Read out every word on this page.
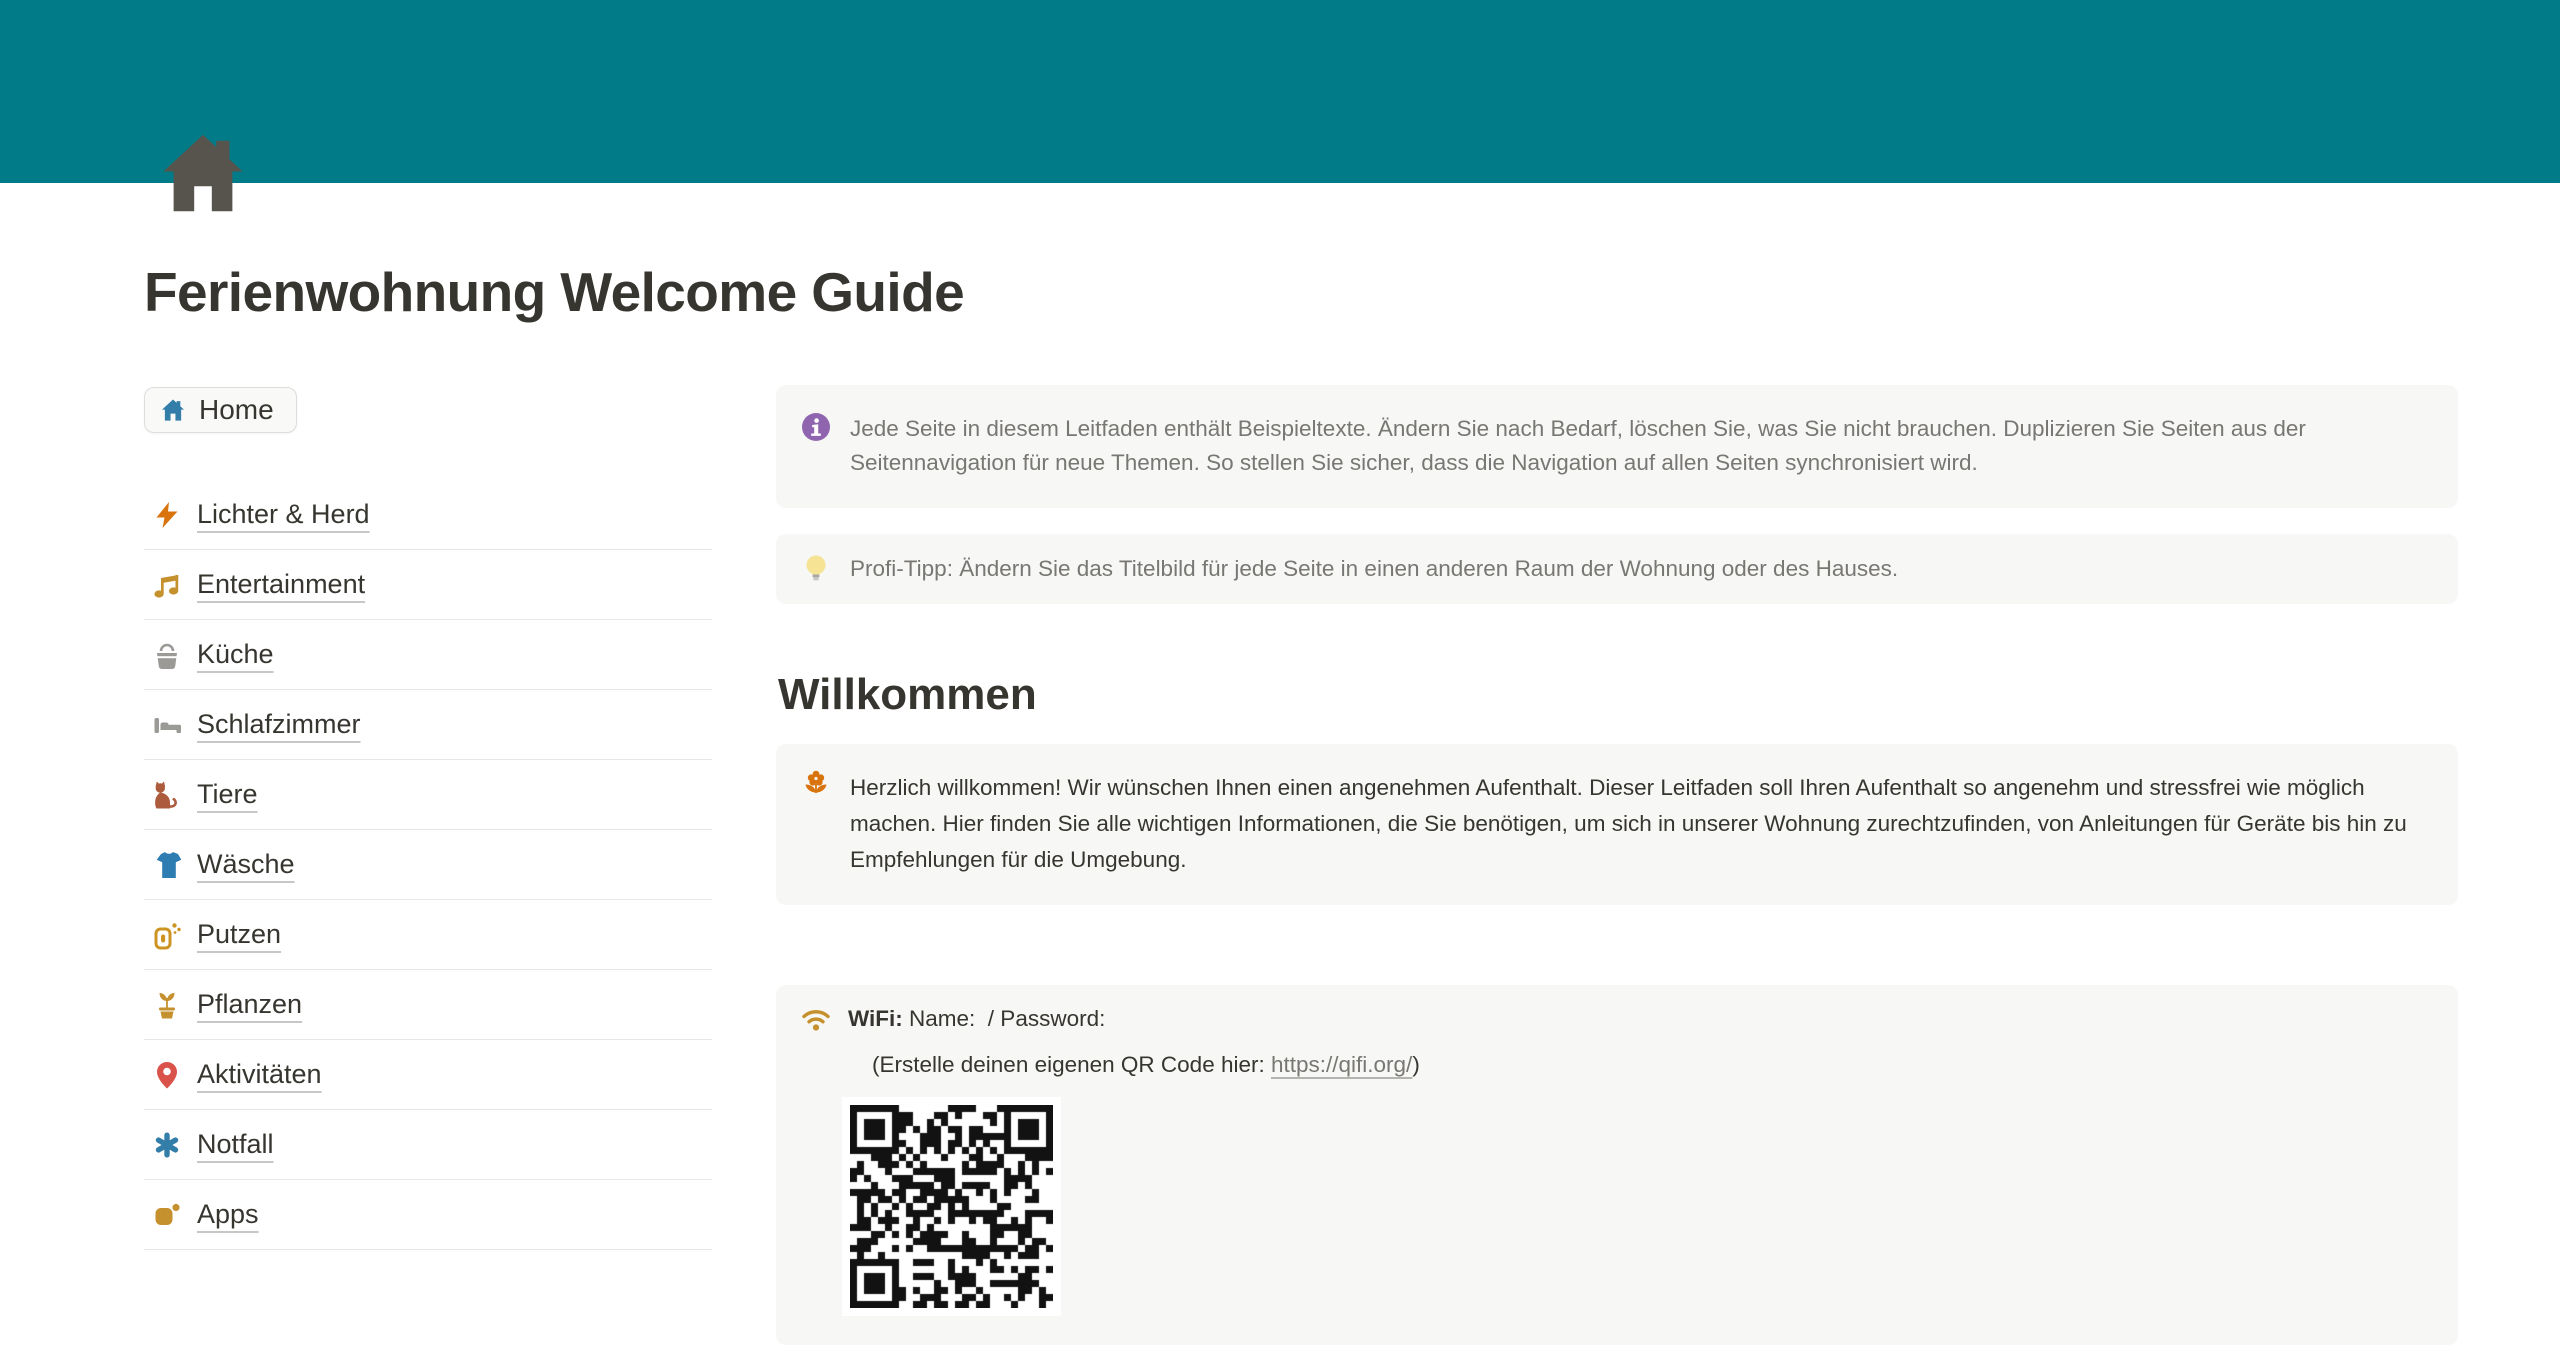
Ferienwohnung Welcome Guide
Home
Lichter & Herd
Entertainment
Küche
Schlafzimmer
Tiere
Wäsche
Putzen
Pflanzen
Aktivitäten
Notfall
Apps
Jede Seite in diesem Leitfaden enthält Beispieltexte. Ändern Sie nach Bedarf, löschen Sie, was Sie nicht brauchen. Duplizieren Sie Seiten aus der Seitennavigation für neue Themen. So stellen Sie sicher, dass die Navigation auf allen Seiten synchronisiert wird.
Profi-Tipp: Ändern Sie das Titelbild für jede Seite in einen anderen Raum der Wohnung oder des Hauses.
Willkommen
Herzlich willkommen! Wir wünschen Ihnen einen angenehmen Aufenthalt. Dieser Leitfaden soll Ihren Aufenthalt so angenehm und stressfrei wie möglich machen. Hier finden Sie alle wichtigen Informationen, die Sie benötigen, um sich in unserer Wohnung zurechtzufinden, von Anleitungen für Geräte bis hin zu Empfehlungen für die Umgebung.
WiFi: Name:  / Password:
(Erstelle deinen eigenen QR Code hier: https://qifi.org/)
